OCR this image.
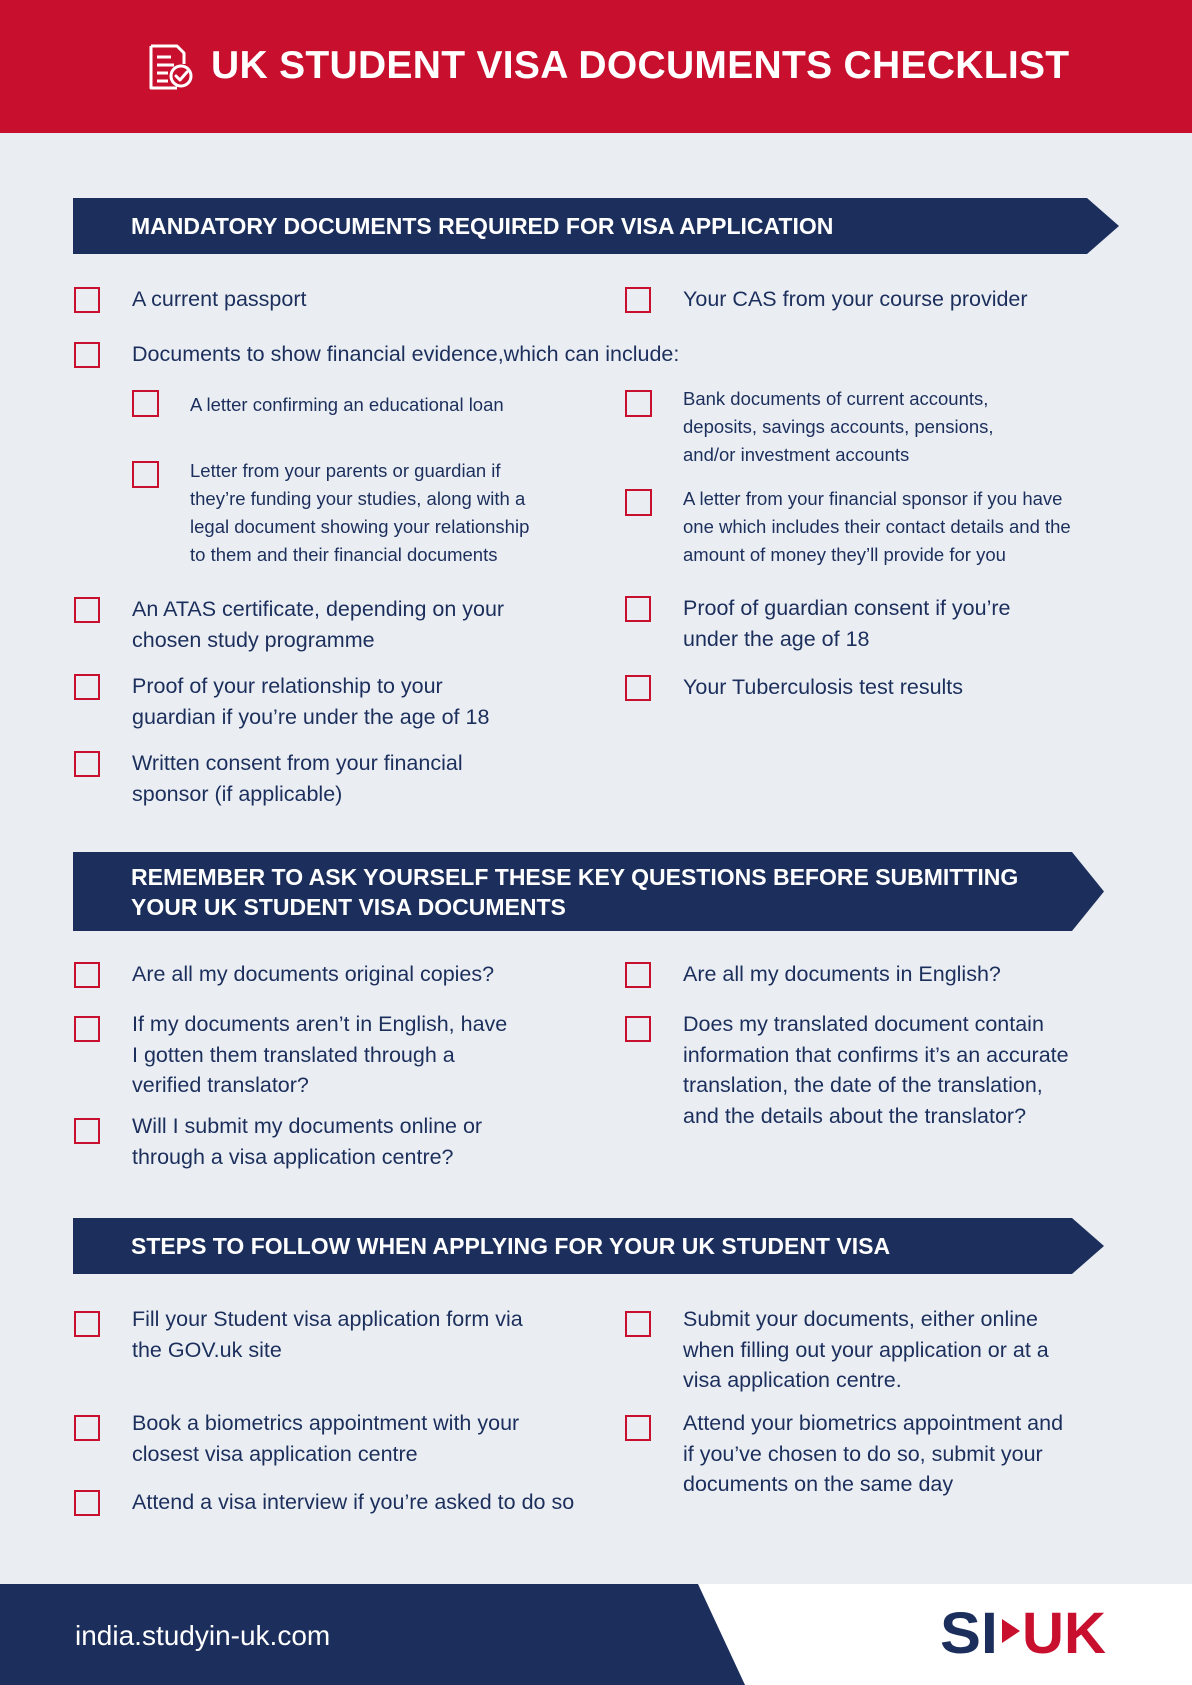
UK STUDENT VISA DOCUMENTS CHECKLIST
MANDATORY DOCUMENTS REQUIRED FOR VISA APPLICATION
A current passport	Your CAS from your course provider
Documents to show financial evidence,which can include:
A letter confirming an educational loan	Bank documents of current accounts,
deposits, savings accounts, pensions,
and/or investment accounts
Letter from your parents or guardian if
they’re funding your studies, along with a
legal document showing your relationship
to them and their financial documents
A letter from your financial sponsor if you have
one which includes their contact details and the
amount of money they’ll provide for you
An ATAS certificate, depending on your
chosen study programme
Proof of guardian consent if you’re
under the age of 18
Proof of your relationship to your
guardian if you’re under the age of 18
Your Tuberculosis test results
Written consent from your financial
sponsor (if applicable)
REMEMBER TO ASK YOURSELF THESE KEY QUESTIONS BEFORE SUBMITTING
YOUR UK STUDENT VISA DOCUMENTS
Are all my documents original copies?	Are all my documents in English?
If my documents aren’t in English, have
I gotten them translated through a
verified translator?
Does my translated document contain
information that confirms it’s an accurate
translation, the date of the translation,
and the details about the translator?
Will I submit my documents online or
through a visa application centre?
STEPS TO FOLLOW WHEN APPLYING FOR YOUR UK STUDENT VISA
Fill your Student visa application form via
the GOV.uk site
Submit your documents, either online
when filling out your application or at a
visa application centre.
Book a biometrics appointment with your
closest visa application centre
Attend your biometrics appointment and
if you’ve chosen to do so, submit your
documents on the same day
Attend a visa interview if you’re asked to do so
india.studyin-uk.com	SI UK
